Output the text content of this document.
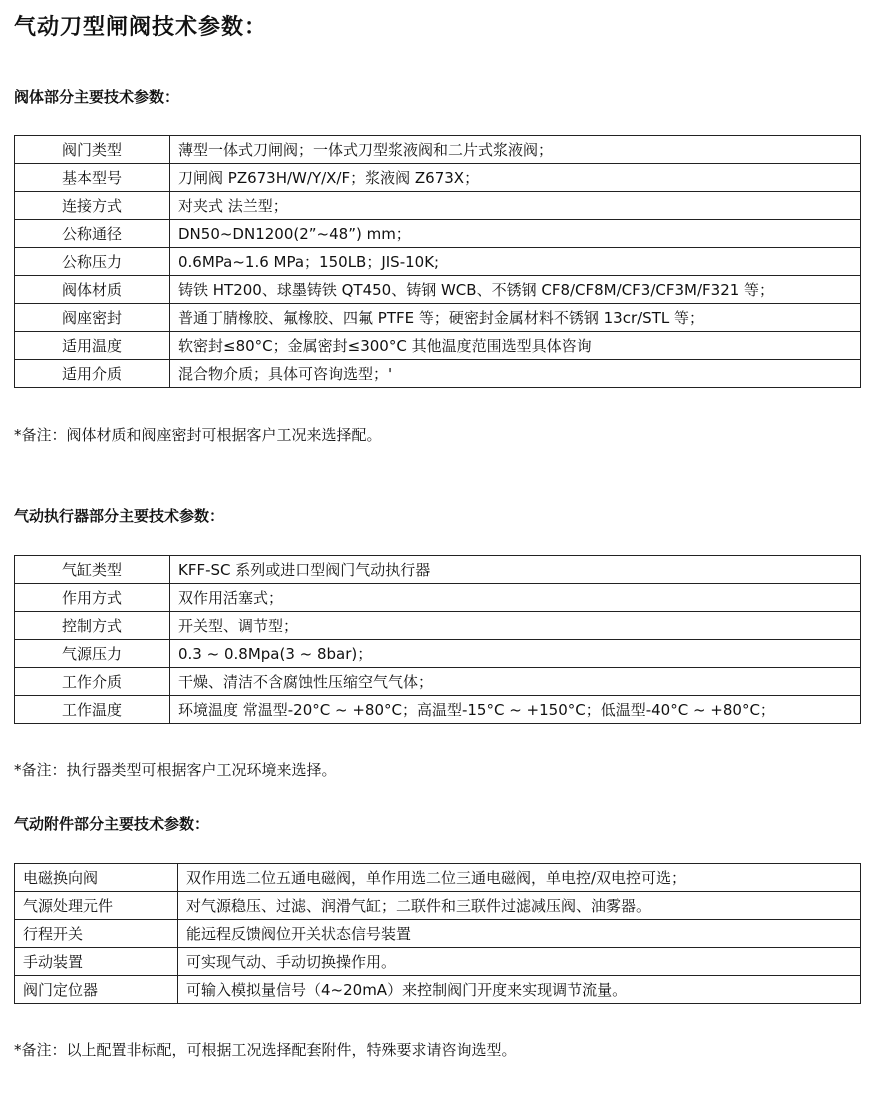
气动刀型闸阀技术参数：
阀体部分主要技术参数：
阀门类型	薄型一体式刀闸阀；一体式刀型浆液阀和二片式浆液阀；
基本型号	刀闸阀 PZ673H/W/Y/X/F；浆液阀 Z673X；
连接方式	对夹式 法兰型；
公称通径	DN50~DN1200(2”~48”) mm；
公称压力	0.6MPa~1.6 MPa；150LB；JIS-10K;
阀体材质	铸铁 HT200、球墨铸铁 QT450、铸钢 WCB、不锈钢 CF8/CF8M/CF3/CF3M/F321 等；
阀座密封	普通丁腈橡胶、氟橡胶、四氟 PTFE 等；硬密封金属材料不锈钢 13cr/STL 等；
适用温度	软密封≤80°C；金属密封≤300°C 其他温度范围选型具体咨询
适用介质	混合物介质；具体可咨询选型；'
*备注：阀体材质和阀座密封可根据客户工况来选择配。
气动执行器部分主要技术参数：
气缸类型	KFF-SC 系列或进口型阀门气动执行器
作用方式	双作用活塞式；
控制方式	开关型、调节型；
气源压力	0.3 ~ 0.8Mpa(3 ~ 8bar)；
工作介质	干燥、清洁不含腐蚀性压缩空气气体；
工作温度	环境温度 常温型-20°C ~ +80°C；高温型-15°C ~ +150°C；低温型-40°C ~ +80°C；
*备注：执行器类型可根据客户工况环境来选择。
气动附件部分主要技术参数：
电磁换向阀	双作用选二位五通电磁阀，单作用选二位三通电磁阀，单电控/双电控可选；
气源处理元件	对气源稳压、过滤、润滑气缸；二联件和三联件过滤减压阀、油雾器。
行程开关	能远程反馈阀位开关状态信号装置
手动装置	可实现气动、手动切换操作用。
阀门定位器	可输入模拟量信号（4~20mA）来控制阀门开度来实现调节流量。
*备注：以上配置非标配，可根据工况选择配套附件，特殊要求请咨询选型。
